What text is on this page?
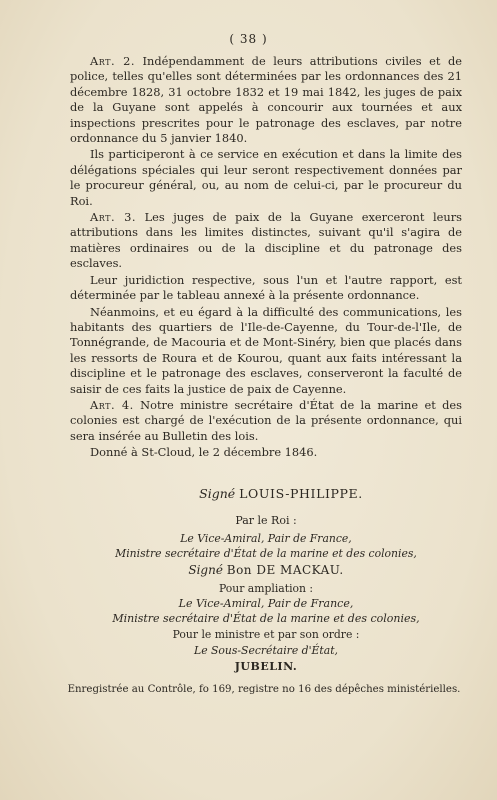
( 38 )

Art. 2. Indépendamment de leurs attributions civiles et de police, telles qu'elles sont déterminées par les ordonnances des 21 décembre 1828, 31 octobre 1832 et 19 mai 1842, les juges de paix de la Guyane sont appelés à concourir aux tournées et aux inspections prescrites pour le patronage des esclaves, par notre ordonnance du 5 janvier 1840.

Ils participeront à ce service en exécution et dans la limite des délégations spéciales qui leur seront respectivement données par le procureur général, ou, au nom de celui-ci, par le procureur du Roi.

Art. 3. Les juges de paix de la Guyane exerceront leurs attributions dans les limites distinctes, suivant qu'il s'agira de matières ordinaires ou de la discipline et du patronage des esclaves.

Leur juridiction respective, sous l'un et l'autre rapport, est déterminée par le tableau annexé à la présente ordonnance.

Néanmoins, et eu égard à la difficulté des communications, les habitants des quartiers de l'Ile-de-Cayenne, du Tour-de-l'Ile, de Tonnégrande, de Macouria et de Mont-Sinéry, bien que placés dans les ressorts de Roura et de Kourou, quant aux faits intéressant la discipline et le patronage des esclaves, conserveront la faculté de saisir de ces faits la justice de paix de Cayenne.

Art. 4. Notre ministre secrétaire d'État de la marine et des colonies est chargé de l'exécution de la présente ordonnance, qui sera insérée au Bulletin des lois.

Donné à St-Cloud, le 2 décembre 1846.

Signé LOUIS-PHILIPPE.
Par le Roi :
Le Vice-Amiral, Pair de France,
Ministre secrétaire d'État de la marine et des colonies,
Signé Bon DE MACKAU.
Pour ampliation :
Le Vice-Amiral, Pair de France,
Ministre secrétaire d'État de la marine et des colonies,
Pour le ministre et par son ordre :
Le Sous-Secrétaire d'État,
JUBELIN.
Enregistrée au Contrôle, fo 169, registre no 16 des dépêches ministérielles.
